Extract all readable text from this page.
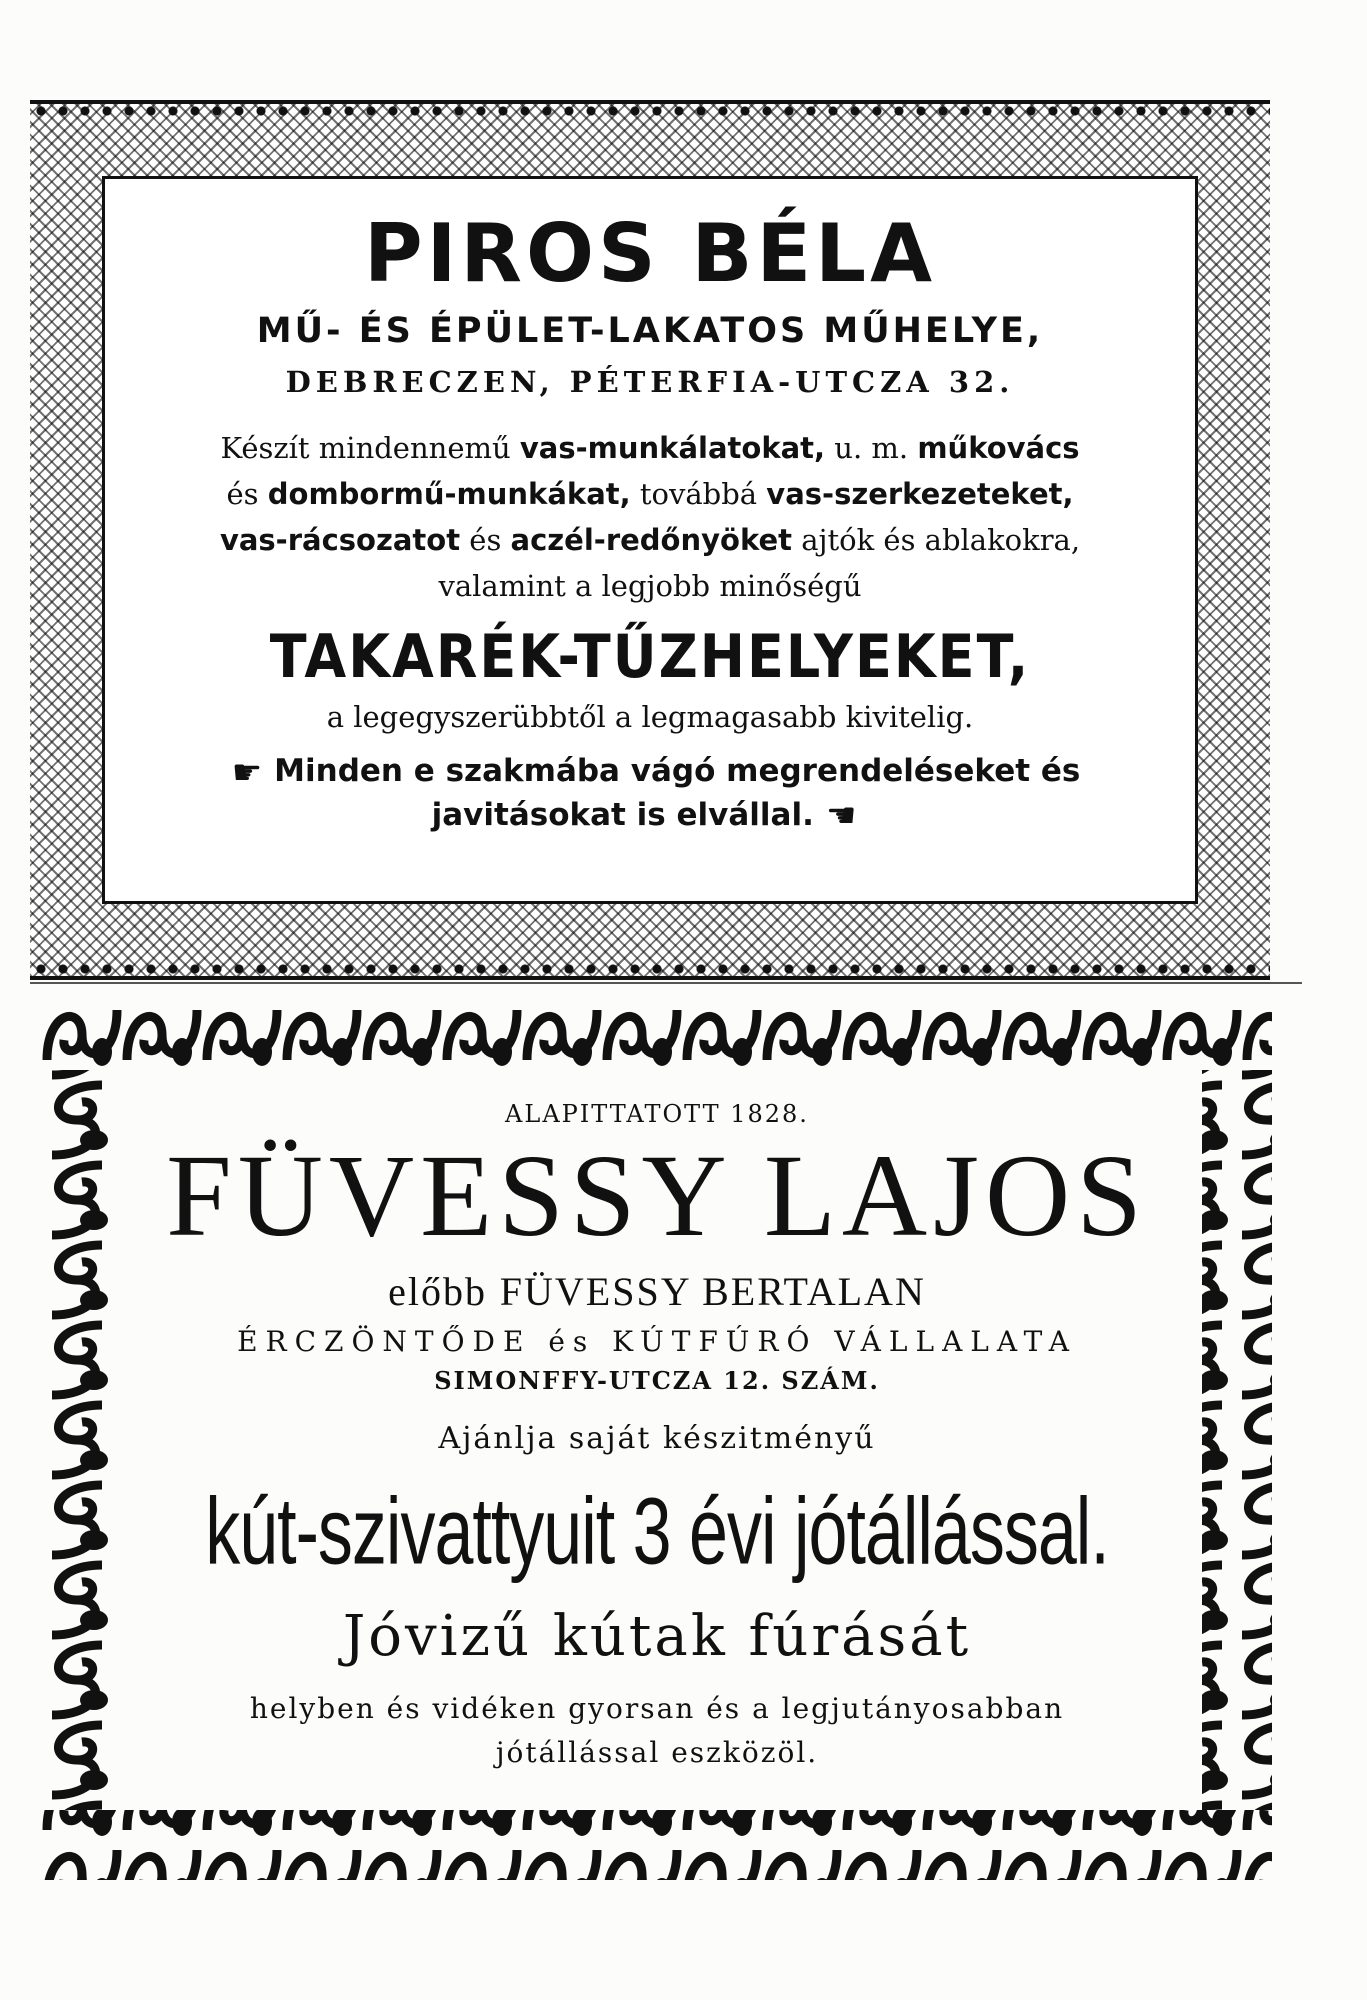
PIROS BÉLA
MŰ- ÉS ÉPÜLET-LAKATOS MŰHELYE,
DEBRECZEN, PÉTERFIA-UTCZA 32.
Készít mindennemű vas-munkálatokat, u. m. műkovács
és dombormű-munkákat, továbbá vas-szerkezeteket,
vas-rácsozatot és aczél-redőnyöket ajtók és ablakokra,
valamint a legjobb minőségű
TAKARÉK-TŰZHELYEKET,
a legegyszerübbtől a legmagasabb kivitelig.
☛ Minden e szakmába vágó megrendeléseket és
javitásokat is elvállal. ☛
ALAPITTATOTT 1828.
FÜVESSY LAJOS
előbb FÜVESSY BERTALAN
ÉRCZÖNTŐDE és KÚTFÚRÓ VÁLLALATA
SIMONFFY-UTCZA 12. SZÁM.
Ajánlja saját készitményű
kút-szivattyuit 3 évi jótállással.
Jóvizű kútak fúrását
helyben és vidéken gyorsan és a legjutányosabban
jótállással eszközöl.
